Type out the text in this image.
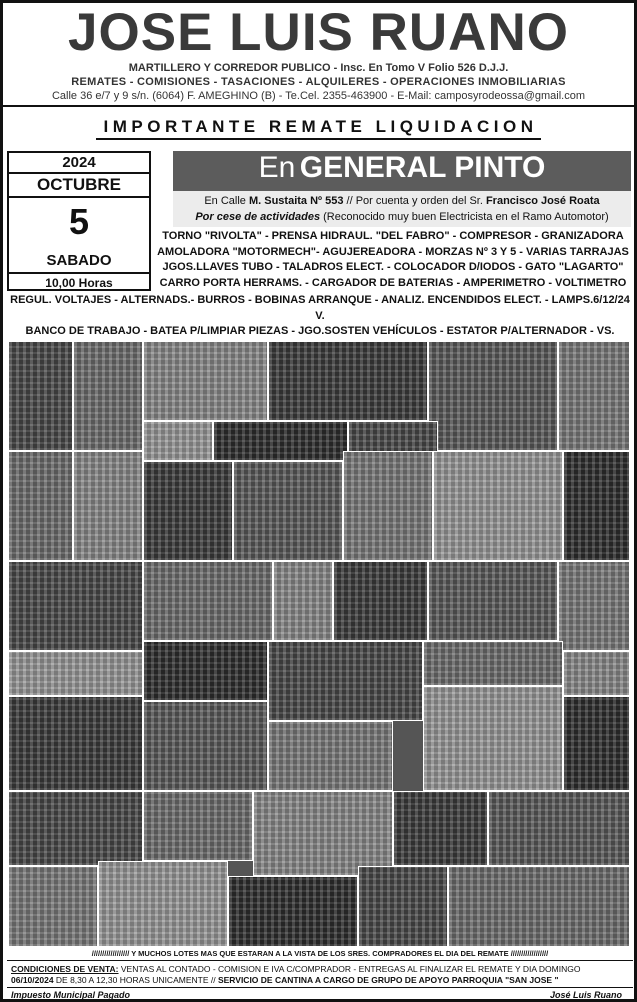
JOSE LUIS RUANO
MARTILLERO Y CORREDOR PUBLICO - Insc. En Tomo V Folio 526 D.J.J.
REMATES - COMISIONES - TASACIONES - ALQUILERES - OPERACIONES INMOBILIARIAS
Calle 36 e/7 y 9 s/n. (6064) F. AMEGHINO (B) - Te.Cel. 2355-463900 - E-Mail: camposyrodeossa@gmail.com
IMPORTANTE REMATE LIQUIDACION
2024
OCTUBRE
5
SABADO
10,00 Horas
En GENERAL PINTO
En Calle M. Sustaita Nº 553 // Por cuenta y orden del Sr. Francisco José Roata
Por cese de actividades (Reconocido muy buen Electricista en el Ramo Automotor)
TORNO "RIVOLTA" - PRENSA HIDRAUL. "DEL FABRO" - COMPRESOR - GRANIZADORA
AMOLADORA "MOTORMECH"- AGUJEREADORA - MORZAS Nº 3 Y 5 - VARIAS TARRAJAS
JGOS.LLAVES TUBO - TALADROS ELECT. - COLOCADOR D/IODOS - GATO "LAGARTO"
CARRO PORTA HERRAMS. - CARGADOR DE BATERIAS - AMPERIMETRO - VOLTIMETRO
REGUL. VOLTAJES - ALTERNADS.- BURROS - BOBINAS ARRANQUE - ANALIZ. ENCENDIDOS ELECT. - LAMPS.6/12/24 V.
BANCO DE TRABAJO - BATEA P/LIMPIAR PIEZAS - JGO.SOSTEN VEHÍCULOS - ESTATOR P/ALTERNADOR - VS.
////////////////// Y MUCHOS LOTES MAS QUE ESTARAN A LA VISTA DE LOS SRES. COMPRADORES EL DIA DEL REMATE //////////////////
CONDICIONES DE VENTA: VENTAS AL CONTADO - COMISION E IVA C/COMPRADOR - ENTREGAS AL FINALIZAR EL REMATE Y DIA DOMINGO
06/10/2024 DE 8,30 A 12,30 HORAS UNICAMENTE // SERVICIO DE CANTINA A CARGO DE GRUPO DE APOYO PARROQUIA "SAN JOSE "
Impuesto Municipal Pagado	José Luis Ruano
